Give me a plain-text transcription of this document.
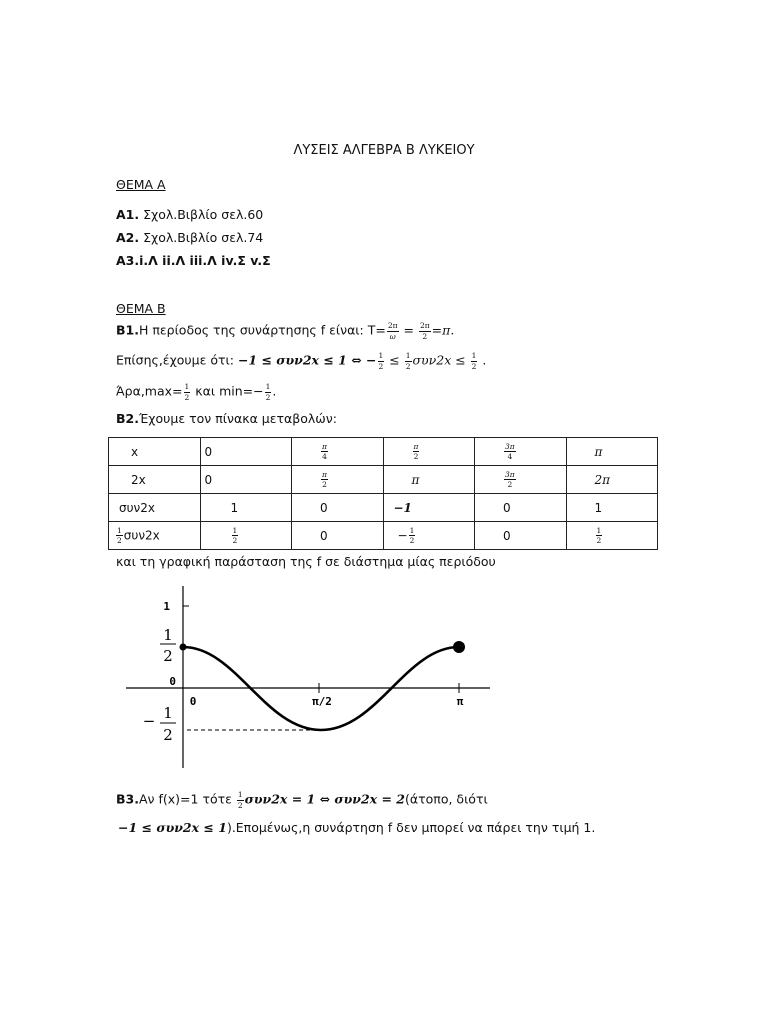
ΛΥΣΕΙΣ ΑΛΓΕΒΡΑ Β ΛΥΚΕΙΟΥ
ΘΕΜΑ Α
Α1. Σχολ.Βιβλίο σελ.60
Α2. Σχολ.Βιβλίο σελ.74
Α3.i.Λ ii.Λ iii.Λ iv.Σ v.Σ
ΘΕΜΑ Β
Β1.Η περίοδος της συνάρτησης f είναι: $T= \frac{2\pi}{\omega} = \frac{2\pi}{2} =\pi$.
Επίσης,έχουμε ότι: −1 ≤ συν2x ≤ 1 ⇔ − $\frac{1}{2} \le \frac{1}{2} \sigma\upsilon\nu 2x \le \frac{1}{2}$ .
$Ά\rho\alpha,\max= \frac{1}{2}$ και $\min=- \frac{1}{2}$ .
Β2.Έχουμε τον πίνακα μεταβολών:
x	0	$\frac{\pi}{4}$	$\frac{\pi}{2}$	$\frac{3\pi}{4}$	π
2x	0	$\frac{\pi}{2}$	π	$\frac{3\pi}{2}$	2π
συν2x	1	0	−1	0	1

$\frac{1}{2} \sigma\upsilon\nu 2x$	$\frac{1}{2}$	0	− $\frac{1}{2}$	0	$\frac{1}{2}$
και τη γραφική παράσταση της f σε διάστημα μίας περιόδου
1
1
2
0
− 1
2
0	π/2	π
Β3.Αν f(x)=1 τότε $\frac{1}{2} \sigma\upsilon\nu 2x = 1$ ⇔ συν2x = 2(άτοπο, διότι
−1 ≤ συν2x ≤ 1).Επομένως,η συνάρτηση f δεν μπορεί να πάρει την τιμή 1.
